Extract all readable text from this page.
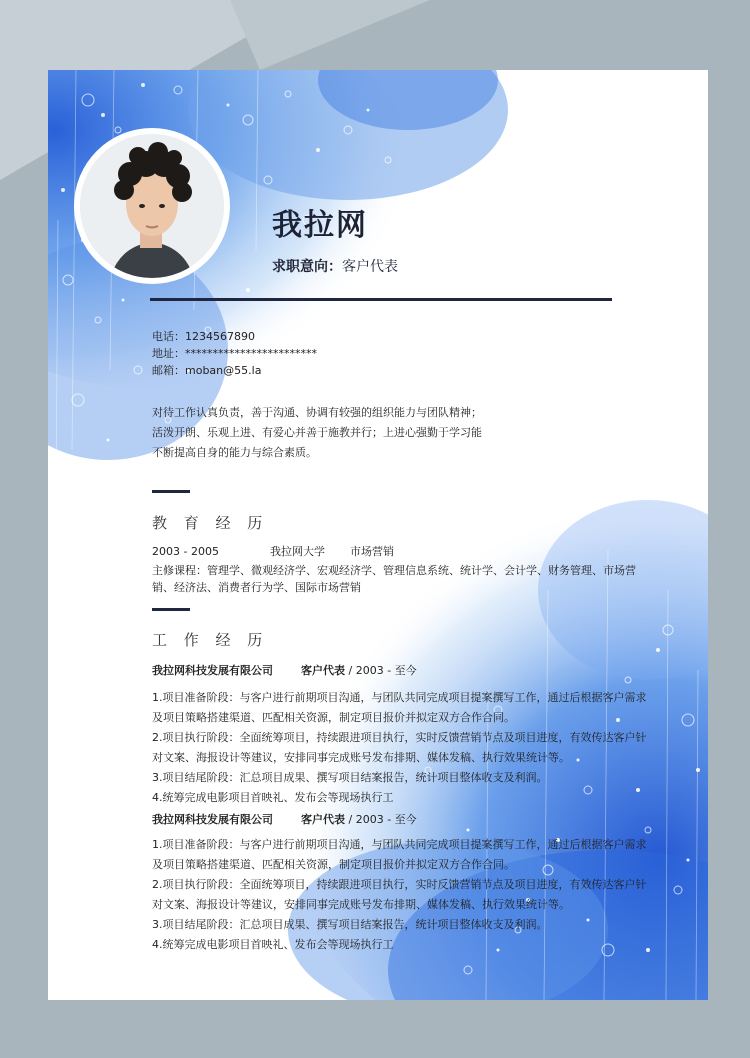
我拉网
求职意向：客户代表
电话：1234567890
地址：************************
邮箱：moban@55.la
对待工作认真负责，善于沟通、协调有较强的组织能力与团队精神；活泼开朗、乐观上进、有爱心并善于施教并行；上进心强勤于学习能不断提高自身的能力与综合素质。
教 育 经 历
2003 - 2005	我拉网大学 市场营销
主修课程：管理学、微观经济学、宏观经济学、管理信息系统、统计学、会计学、财务管理、市场营销、经济法、消费者行为学、国际市场营销
工 作 经 历
我拉网科技发展有限公司	客户代表 / 2003 - 至今
1.项目准备阶段：与客户进行前期项目沟通，与团队共同完成项目提案撰写工作，通过后根据客户需求及项目策略搭建渠道、匹配相关资源，制定项目报价并拟定双方合作合同。
2.项目执行阶段：全面统筹项目，持续跟进项目执行，实时反馈营销节点及项目进度，有效传达客户针对文案、海报设计等建议，安排同事完成账号发布排期、媒体发稿、执行效果统计等。
3.项目结尾阶段：汇总项目成果、撰写项目结案报告，统计项目整体收支及利润。
4.统筹完成电影项目首映礼、发布会等现场执行工
我拉网科技发展有限公司	客户代表 / 2003 - 至今
1.项目准备阶段：与客户进行前期项目沟通，与团队共同完成项目提案撰写工作，通过后根据客户需求及项目策略搭建渠道、匹配相关资源，制定项目报价并拟定双方合作合同。
2.项目执行阶段：全面统筹项目，持续跟进项目执行，实时反馈营销节点及项目进度，有效传达客户针对文案、海报设计等建议，安排同事完成账号发布排期、媒体发稿、执行效果统计等。
3.项目结尾阶段：汇总项目成果、撰写项目结案报告，统计项目整体收支及利润。
4.统筹完成电影项目首映礼、发布会等现场执行工
